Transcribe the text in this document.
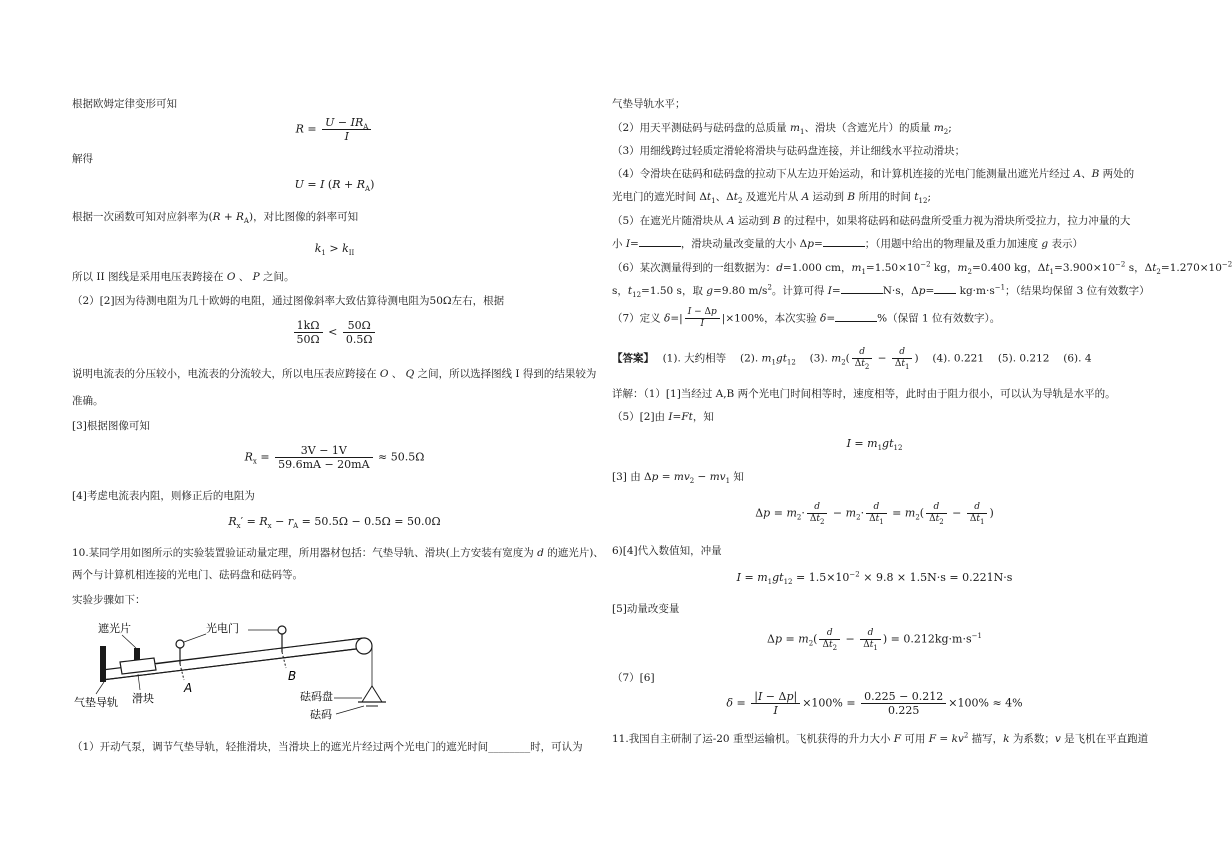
根据欧姆定律变形可知
$R = \frac{U - IR_A}{I}$
解得
U = I $(R + R_A)$
根据一次函数可知对应斜率为$(R + R_A)$，对比图像的斜率可知
$k_1 > k_{II}$
所以 II 图线是采用电压表跨接在 O 、 P 之间。
（2）[2]因为待测电阻为几十欧姆的电阻，通过图像斜率大致估算待测电阻为50Ω左右，根据
$\frac{1k\Omega}{50\Omega} < \frac{50\Omega}{0.5\Omega}$
说明电流表的分压较小，电流表的分流较大，所以电压表应跨接在 O 、 Q 之间，所以选择图线 I 得到的结果较为
准确。
[3]根据图像可知
$R_x = \frac{3V - 1V}{59.6mA - 20mA} \approx 50.5\Omega$
[4]考虑电流表内阻，则修正后的电阻为
$R_x' = R_x - r_A = 50.5\Omega - 0.5\Omega = 50.0\Omega$
10.某同学用如图所示的实验装置验证动量定理，所用器材包括：气垫导轨、滑块(上方安装有宽度为 d 的遮光片)、
两个与计算机相连接的光电门、砝码盘和砝码等。
实验步骤如下：
遮光片	光电门
气垫导轨 滑块
A
B
砝码盘
砝码
（1）开动气泵，调节气垫导轨，轻推滑块，当滑块上的遮光片经过两个光电门的遮光时间________时，可认为
气垫导轨水平；
（2）用天平测砝码与砝码盘的总质量 $m_1$、滑块（含遮光片）的质量 $m_2$;
（3）用细线跨过轻质定滑轮将滑块与砝码盘连接，并让细线水平拉动滑块；
（4）令滑块在砝码和砝码盘的拉动下从左边开始运动，和计算机连接的光电门能测量出遮光片经过 A、B 两处的
光电门的遮光时间 $\Delta t_1$、$\Delta t_2$ 及遮光片从 A 运动到 B 所用的时间 $t_{12}$;
（5）在遮光片随滑块从 A 运动到 B 的过程中，如果将砝码和砝码盘所受重力视为滑块所受拉力，拉力冲量的大
小 I=	，滑块动量改变量的大小 Δp=	；（用题中给出的物理量及重力加速度 g 表示）
（6）某次测量得到的一组数据为：d=1.000 cm，$m_1=1.50\times 10^{-2}$ kg，$m_2=0.400$ kg，$\Delta t_1=3.900\times 10^{-2}$ s，$\Delta t_2=1.270\times 10^{-2}$
s，$t_{12}=1.50$ s，取 g=9.80 $m/s^2$。计算可得 I=	N·s，$\Delta p= kg\cdot m\cdot s^{-1}$；（结果均保留 3 位有效数字）
（7）定义 $\delta=| \frac{I - \Delta p}{I} |\times 100\%$，本次实验 δ=	%（保留 1 位有效数字）。
【答案】　 (1). 大约相等　 (2). $m_1gt_{12}$　 (3). $m_2( \frac{d}{\Delta t_2} - \frac{d}{\Delta t_1}$ )　 (4). 0.221　 (5). 0.212　 (6). 4
详解：（1）[1]当经过 A,B 两个光电门时间相等时，速度相等，此时由于阻力很小，可以认为导轨是水平的。
（5）[2]由 I=Ft，知
$I = m_1gt_{12}$
[3] 由 $\Delta p = mv_2 - mv_1$ 知
$\Delta p = m_2\cdot \frac{d}{\Delta t_2} - m_2\cdot \frac{d}{\Delta t_1} = m_2( \frac{d}{\Delta t_2} - \frac{d}{\Delta t_1}$ )
6)[4]代入数值知，冲量
$I = m_1gt_{12} = 1.5\times 10^{-2} \times 9.8 \times 1.5N\cdot s = 0.221N\cdot s$
[5]动量改变量
$\Delta p = m_2( \frac{d}{\Delta t_2} - \frac{d}{\Delta t_1}$ ) = $0.212kg\cdot m\cdot s^{-1}$
（7）[6]
$\delta = \frac{|I - \Delta p|}{I} \times 100\% = \frac{0.225 - 0.212}{0.225} \times 100\% \approx 4\%$
11.我国自主研制了运-20 重型运输机。飞机获得的升力大小 F 可用 $F = kv^2$ 描写，k 为系数；v 是飞机在平直跑道
